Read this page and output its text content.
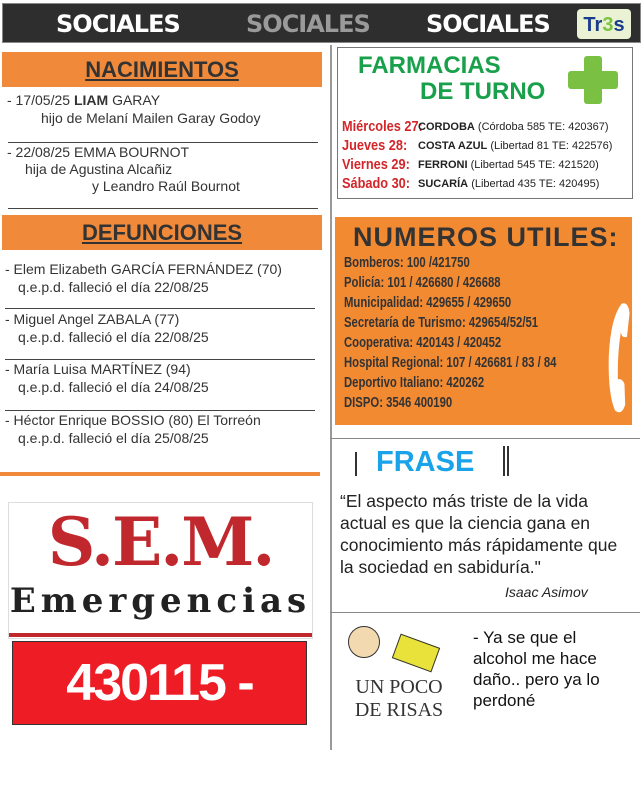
SOCIALES	SOCIALES SOCIALES	Tr3s
NACIMIENTOS
- 17/05/25 LIAM GARAY
hijo de Melaní Mailen Garay Godoy
- 22/08/25 EMMA BOURNOT
hija de Agustina Alcañiz
y Leandro Raúl Bournot
DEFUNCIONES
- Elem Elizabeth GARCÍA FERNÁNDEZ (70)
q.e.p.d. falleció el día 22/08/25
- Miguel Angel ZABALA (77)
q.e.p.d. falleció el día 22/08/25
- María Luisa MARTÍNEZ (94)
q.e.p.d. falleció el día 24/08/25
- Héctor Enrique BOSSIO (80) El Torreón
q.e.p.d. falleció el día 25/08/25
S.E.M.
Emergencias
430115 - 420434
FARMACIAS
DE TURNO
Miércoles 27:
CORDOBA (Córdoba 585 TE: 420367)
Jueves 28: COSTA AZUL (Libertad 81 TE: 422576)
Viernes 29: FERRONI (Libertad 545 TE: 421520)
Sábado 30: SUCARÍA (Libertad 435 TE: 420495)
NUMEROS UTILES:
Bomberos: 100 /421750
Policía: 101 / 426680 / 426688
Municipalidad: 429655 / 429650
Secretaría de Turismo: 429654/52/51
Cooperativa: 420143 / 420452
Hospital Regional: 107 / 426681 / 83 / 84
Deportivo Italiano: 420262
DISPO: 3546 400190
FRASE
“El aspecto más triste de la vida actual es que la ciencia gana en conocimiento más rápidamente que la sociedad en sabiduría."
Isaac Asimov
UN POCO
DE RISAS
- Ya se que el alcohol me hace daño.. pero ya lo perdoné
